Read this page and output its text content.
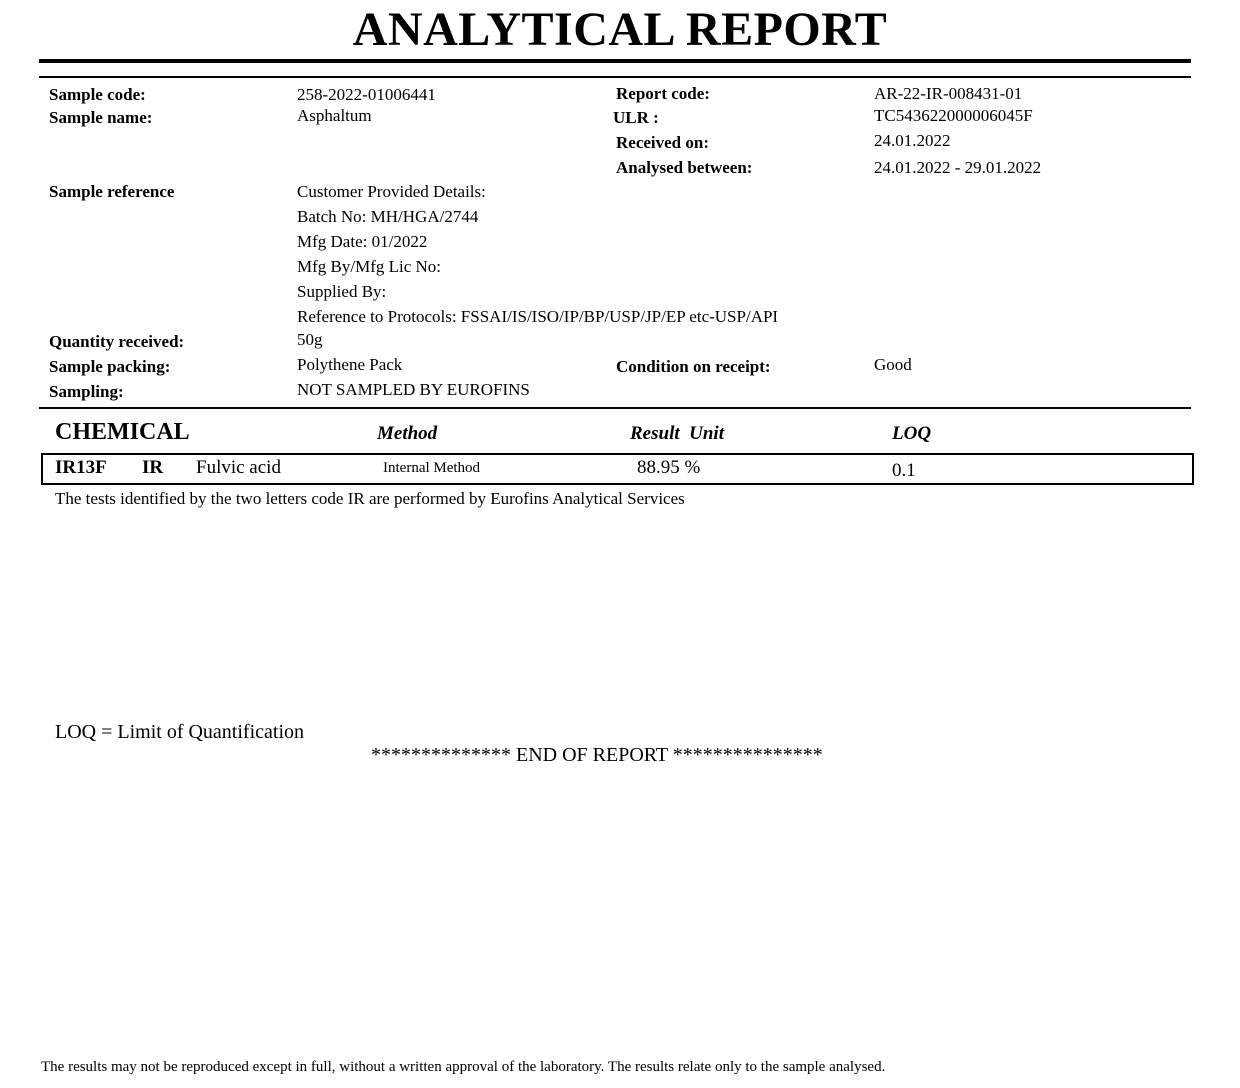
ANALYTICAL REPORT
Sample code:	258-2022-01006441
Sample name:	Asphaltum
Sample reference	Customer Provided Details:
Batch No: MH/HGA/2744
Mfg Date: 01/2022
Mfg By/Mfg Lic No:
Supplied By:
Reference to Protocols: FSSAI/IS/ISO/IP/BP/USP/JP/EP etc-USP/API
Quantity received:	50g
Sample packing:	Polythene Pack
Sampling:	NOT SAMPLED BY EUROFINS
Report code:	AR-22-IR-008431-01
ULR :	TC543622000006045F
Received on:	24.01.2022
Analysed between:	24.01.2022 - 29.01.2022
Condition on receipt:	Good
CHEMICAL	Method	Result  Unit	LOQ
IR13F IR Fulvic acid	Internal Method	88.95 %	0.1
The tests identified by the two letters code IR are performed by Eurofins Analytical Services
LOQ = Limit of Quantification
************** END OF REPORT ***************
The results may not be reproduced except in full, without a written approval of the laboratory. The results relate only to the sample analysed.
